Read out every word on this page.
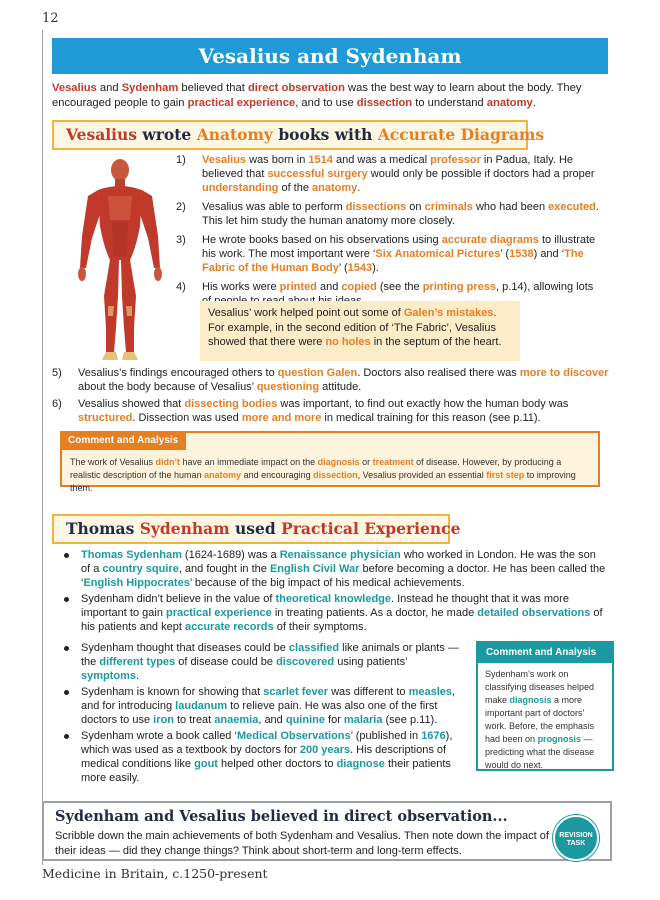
12
Vesalius and Sydenham

Vesalius and Sydenham believed that direct observation was the best way to learn about the body. They encouraged people to gain practical experience, and to use dissection to understand anatomy.

Vesalius wrote Anatomy books with Accurate Diagrams
1) Vesalius was born in 1514 and was a medical professor in Padua, Italy. He believed that successful surgery would only be possible if doctors had a proper understanding of the anatomy.
2) Vesalius was able to perform dissections on criminals who had been executed. This let him study the human anatomy more closely.
3) He wrote books based on his observations using accurate diagrams to illustrate his work. The most important were ‘Six Anatomical Pictures’ (1538) and ‘The Fabric of the Human Body’ (1543).
4) His works were printed and copied (see the printing press, p.14), allowing lots
Vesalius’ work helped point out some of Galen’s mistakes. For example, in the second edition of ‘The Fabric’, Vesalius showed that there were no holes in the septum of the heart.
5) Vesalius’s findings encouraged others to question Galen. Doctors also realised there was more to discover about the body because of Vesalius’ questioning attitude.
6) Vesalius showed that dissecting bodies was important, to find out exactly how the human body was structured. Dissection was used more and more in medical training for this reason (see p.11).
Comment and Analysis
The work of Vesalius didn’t have an immediate impact on the diagnosis or treatment of disease. However, by producing a realistic description of the human anatomy and encouraging dissection, Vesalius provided an essential first step to improving them.
Thomas Sydenham used Practical Experience
Thomas Sydenham (1624-1689) was a Renaissance physician who worked in London. He was the son of a country squire, and fought in the English Civil War before becoming a doctor. He has been called the ‘English Hippocrates’ because of the big impact of his medical achievements.
Sydenham didn’t believe in the value of theoretical knowledge. Instead he thought that it was more important to gain practical experience in treating patients. As a doctor, he made detailed observations of his patients and kept accurate records of their symptoms.
Sydenham thought that diseases could be classified like animals or plants — the different types of disease could be discovered using patients’ symptoms.
Sydenham is known for showing that scarlet fever was different to measles, and for introducing laudanum to relieve pain. He was also one of the first doctors to use iron to treat anaemia, and quinine for malaria (see p.11).
Sydenham wrote a book called ‘Medical Observations’ (published in 1676), which was used as a textbook by doctors for 200 years. His descriptions of medical conditions like gout helped other doctors to diagnose their patients more easily.
Comment and Analysis
Sydenham’s work on classifying diseases helped make diagnosis a more important part of doctors’ work. Before, the emphasis had been on prognosis — predicting what the disease would do next.
Sydenham and Vesalius believed in direct observation...
Scribble down the main achievements of both Sydenham and Vesalius. Then note down the impact of their ideas — did they change things? Think about short-term and long-term effects.
REVISION
TASK
Medicine in Britain, c.1250-present
